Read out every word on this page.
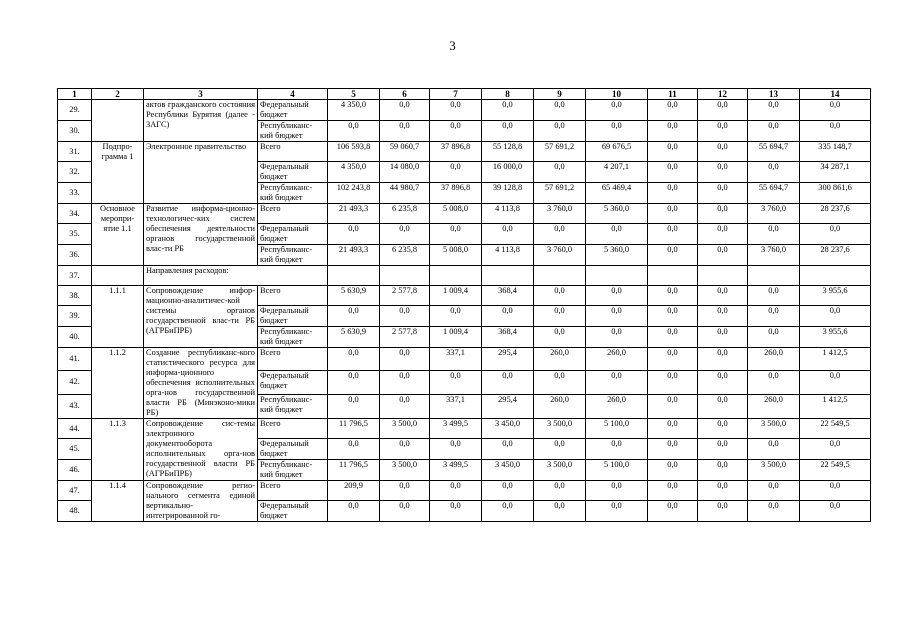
3
1	2	3	4	5	6	7	8	9	10	11	12	13	14
29.		актов гражданского состояния Республики Бурятия (далее - ЗАГС)	Федеральный бюджет	4 350,0	0,0	0,0	0,0	0,0	0,0	0,0	0,0	0,0	0,0
30.			Республиканс-кий бюджет	0,0	0,0	0,0	0,0	0,0	0,0	0,0	0,0	0,0	0,0
31.	Подпро-грамма 1	Электронное правительство	Всего	106 593,8	59 060,7	37 896,8	55 128,8	57 691,2	69 676,5	0,0	0,0	55 694,7	335 148,7
32.			Федеральный бюджет	4 350,0	14 080,0	0,0	16 000,0	0,0	4 207,1	0,0	0,0	0,0	34 287,1
33.			Республиканс-кий бюджет	102 243,8	44 980,7	37 896,8	39 128,8	57 691,2	65 469,4	0,0	0,0	55 694,7	300 861,6
34.	Основное меропри-ятие 1.1	Развитие информа-ционно-технологичес-ких систем обеспечения деятельности органов государственной влас-ти РБ	Всего	21 493,3	6 235,8	5 008,0	4 113,8	3 760,0	5 360,0	0,0	0,0	3 760,0	28 237,6
35.			Федеральный бюджет	0,0	0,0	0,0	0,0	0,0	0,0	0,0	0,0	0,0	0,0
36.			Республиканс-кий бюджет	21 493,3	6 235,8	5 008,0	4 113,8	3 760,0	5 360,0	0,0	0,0	3 760,0	28 237,6
37.		Направления расходов:											
38.	1.1.1	Сопровождение инфор-мационно-аналитичес-кой системы органов государственной влас-ти РБ (АГРБиПРБ)	Всего	5 630,9	2 577,8	1 009,4	368,4	0,0	0,0	0,0	0,0	0,0	3 955,6
39.			Федеральный бюджет	0,0	0,0	0,0	0,0	0,0	0,0	0,0	0,0	0,0	0,0
40.			Республиканс-кий бюджет	5 630,9	2 577,8	1 009,4	368,4	0,0	0,0	0,0	0,0	0,0	3 955,6
41.	1.1.2	Создание республиканс-кого статистического ресурса для информа-ционного обеспечения исполнительных орга-нов государственной власти РБ (Минэконо-мики РБ)	Всего	0,0	0,0	337,1	295,4	260,0	260,0	0,0	0,0	260,0	1 412,5
42.			Федеральный бюджет	0,0	0,0	0,0	0,0	0,0	0,0	0,0	0,0	0,0	0,0
43.			Республиканс-кий бюджет	0,0	0,0	337,1	295,4	260,0	260,0	0,0	0,0	260,0	1 412,5
44.	1.1.3	Сопровождение сис-темы электронного документооборота исполнительных орга-нов государственной власти РБ (АГРБиПРБ)	Всего	11 796,5	3 500,0	3 499,5	3 450,0	3 500,0	5 100,0	0,0	0,0	3 500,0	22 549,5
45.			Федеральный бюджет	0,0	0,0	0,0	0,0	0,0	0,0	0,0	0,0	0,0	0,0
46.			Республиканс-кий бюджет	11 796,5	3 500,0	3 499,5	3 450,0	3 500,0	5 100,0	0,0	0,0	3 500,0	22 549,5
47.	1.1.4	Сопровождение регио-нального сегмента единой вертикально-интегрированной го-	Всего	209,9	0,0	0,0	0,0	0,0	0,0	0,0	0,0	0,0	0,0
48.			Федеральный бюджет	0,0	0,0	0,0	0,0	0,0	0,0	0,0	0,0	0,0	0,0
